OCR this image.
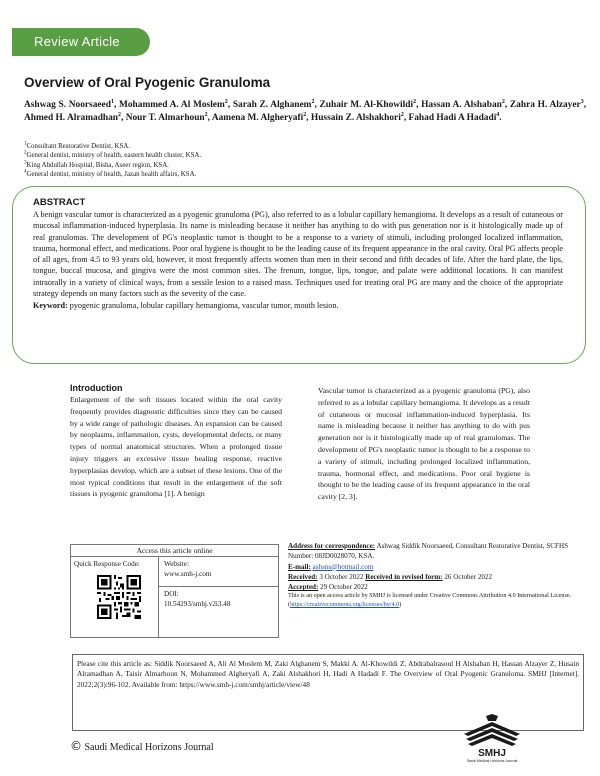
Review Article
Overview of Oral Pyogenic Granuloma
Ashwag S. Noorsaeed$^1$, Mohammed A. Al Moslem$^2$, Sarah Z. Alghanem$^2$, Zuhair M. Al-Khowildi$^2$, Hassan A. Alshaban$^2$, Zahra H. Alzayer$^3$, Ahmed H. Alramadhan$^2$, Nour T. Almarhoun$^2$, Aamena M. Algheryafi$^2$, Hussain Z. Alshakhori$^2$, Fahad Hadi A Hadadi$^4$.
$^1$Consultant Restorative Dentist, KSA.
$^2$General dentist, ministry of health, eastern health cluster, KSA.
$^3$King Abdullah Hospital, Bisha, Aseer region, KSA.
$^4$General dentist, ministry of health, Jazan health affairs, KSA.
ABSTRACT

A benign vascular tumor is characterized as a pyogenic granuloma (PG), also referred to as a lobular capillary hemangioma. It develops as a result of cutaneous or mucosal inflammation-induced hyperplasia. Its name is misleading because it neither has anything to do with pus generation nor is it histologically made up of real granulomas. The development of PG's neoplastic tumor is thought to be a response to a variety of stimuli, including prolonged localized inflammation, trauma, hormonal effect, and medications. Poor oral hygiene is thought to be the leading cause of its frequent appearance in the oral cavity. Oral PG affects people of all ages, from 4.5 to 93 years old, however, it most frequently affects women than men in their second and fifth decades of life. After the hard plate, the lips, tongue, buccal mucosa, and gingiva were the most common sites. The frenum, tongue, lips, tongue, and palate were additional locations. It can manifest intraorally in a variety of clinical ways, from a sessile lesion to a raised mass. Techniques used for treating oral PG are many and the choice of the appropriate strategy depends on many factors such as the severity of the case.

Keyword: pyogenic granuloma, lobular capillary hemangioma, vascular tumor, mouth lesion.

Introduction

Enlargement of the soft tissues located within the oral cavity frequently provides diagnostic difficulties since they can be caused by a wide range of pathologic diseases. An expansion can be caused by neoplasms, inflammation, cysts, developmental defects, or many types of normal anatomical structures. When a prolonged tissue injury triggers an excessive tissue healing response, reactive hyperplasias develop, which are a subset of these lesions. One of the most typical conditions that result in the enlargement of the soft tissues is pyogenic granuloma [1]. A benign

Vascular tumor is characterized as a pyogenic granuloma (PG), also referred to as a lobular capillary hemangioma. It develops as a result of cutaneous or mucosal inflammation-induced hyperplasia. Its name is misleading because it neither has anything to do with pus generation nor is it histologically made up of real granulomas. The development of PG's neoplastic tumor is thought to be a response to a variety of stimuli, including prolonged localized inflammation, trauma, hormonal effect, and medications. Poor oral hygiene is thought to be the leading cause of its frequent appearance in the oral cavity [2, 3].

Access this article online
Quick Response Code:	Website:
www.smh-j.com
DOI:
10.54293/smhj.v2i3.48
Address for correspondence: Ashwag Siddik Noorsaeed, Consultant Restorative Dentist, SCFHS Number: 08JD0028070, KSA.
E-mail: ashsns@hotmail.com
Received: 3 October 2022 Received in revised form: 26 October 2022
Accepted: 29 October 2022
This is an open access article by SMHJ is licensed under Creative Commons Attribution 4.0 International License.
(https://creativecommons.org/licenses/by/4.0)
Please cite this article as: Siddik Noorsaeed A, Ali Al Moslem M, Zaki Alghanem S, Makki A. Al-Khowildi Z, Abdrabalrasoul H Alshaban H, Hassan Alzayer Z, Husain Alramadhan A, Taisir Almarhoun N, Mohammed Algheryafi A, Zaki Alshakhori H, Hadi A Hadadi F. The Overview of Oral Pyogenic Granuloma. SMHJ [Internet]. 2022;2(3):96-102. Available from: https://www.smh-j.com/smhj/article/view/48
© Saudi Medical Horizons Journal
SMHJ
Saudi Medical Horizons Journal
